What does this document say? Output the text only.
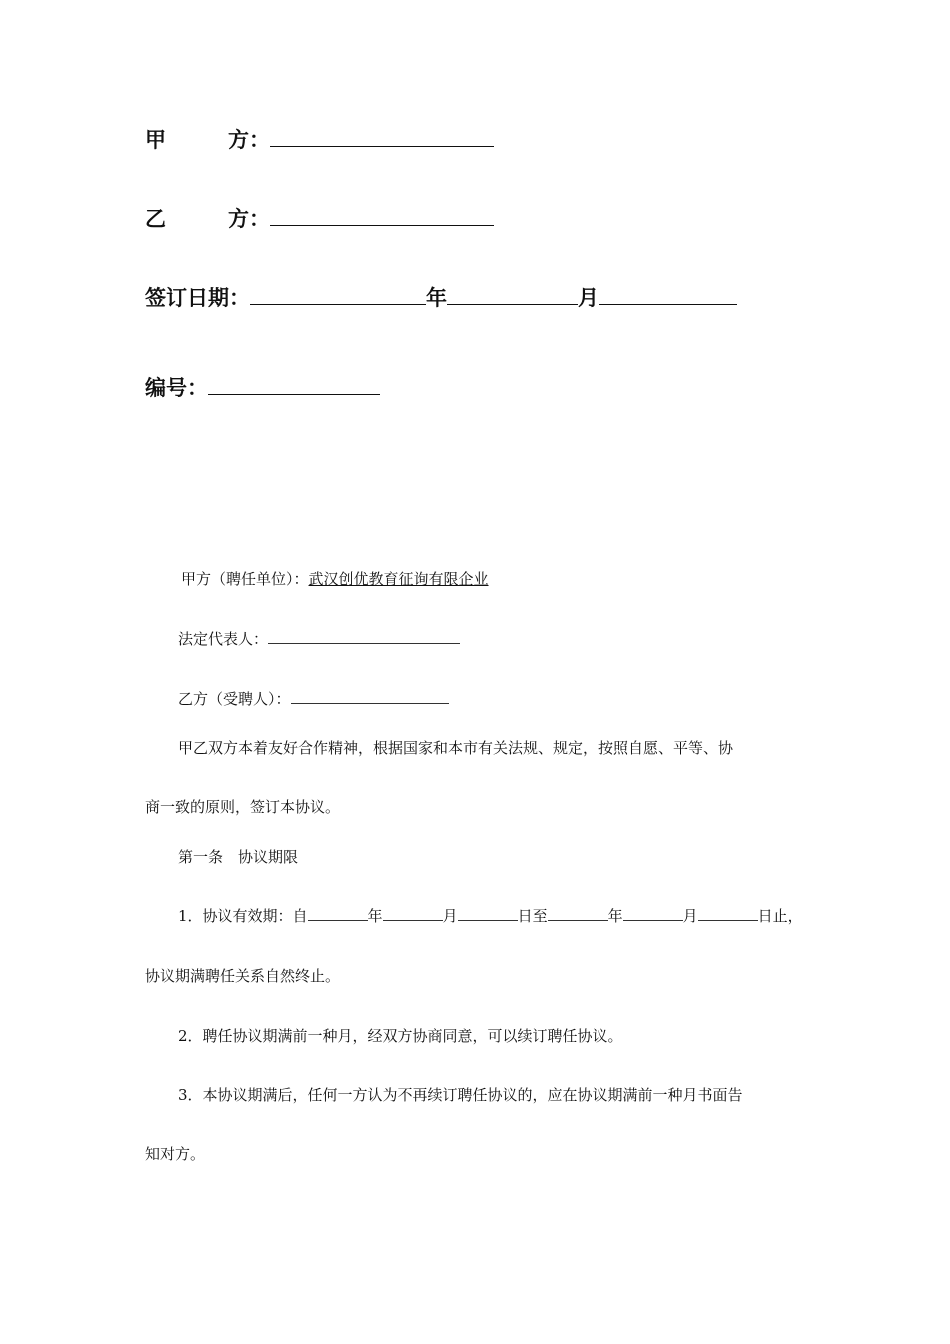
甲	方：
乙	方：
签订日期：	年	月
编号：
甲方（聘任单位）：武汉创优教育征询有限企业
法定代表人：
乙方（受聘人）：
甲乙双方本着友好合作精神，根据国家和本市有关法规、规定，按照自愿、平等、协
商一致的原则，签订本协议。
第一条　协议期限
1．协议有效期：自	年	月	日至	年	月	日止，
协议期满聘任关系自然终止。
2．聘任协议期满前一种月，经双方协商同意，可以续订聘任协议。
3．本协议期满后，任何一方认为不再续订聘任协议的，应在协议期满前一种月书面告
知对方。
